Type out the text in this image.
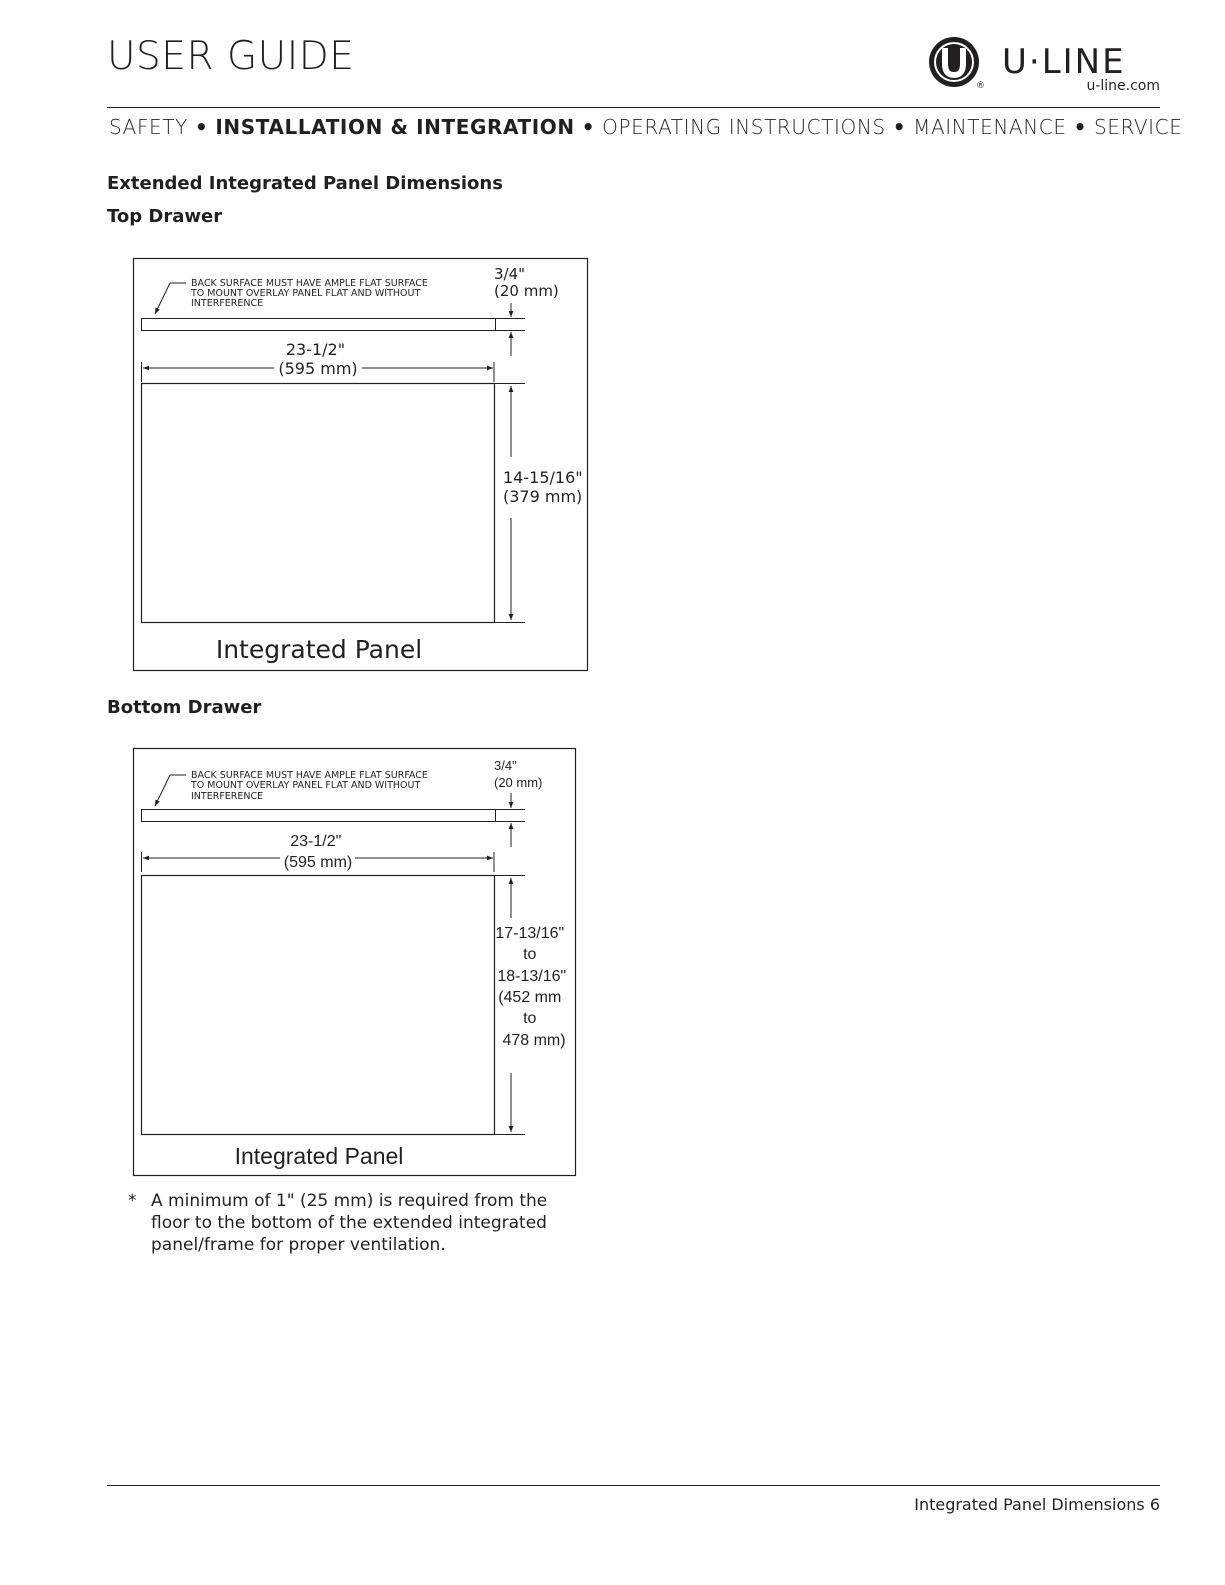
USER GUIDE
®
U·LINE
u-line.com
SAFETY • INSTALLATION & INTEGRATION • OPERATING INSTRUCTIONS • MAINTENANCE • SERVICE
Extended Integrated Panel Dimensions
Top Drawer
BACK SURFACE MUST HAVE AMPLE FLAT SURFACE TO MOUNT OVERLAY PANEL FLAT AND WITHOUT INTERFERENCE
3/4" (20 mm)
23-1/2" (595 mm)
14-15/16" (379 mm)
Integrated Panel
BACK SURFACE MUST HAVE AMPLE FLAT SURFACE TO MOUNT OVERLAY PANEL FLAT AND WITHOUT INTERFERENCE
3/4" (20 mm)
23-1/2" (595 mm)
17-13/16" to 18-13/16" (452 mm to 478 mm)
Integrated Panel
Bottom Drawer
* A minimum of 1" (25 mm) is required from the floor to the bottom of the extended integrated panel/frame for proper ventilation.
Integrated Panel Dimensions 6
